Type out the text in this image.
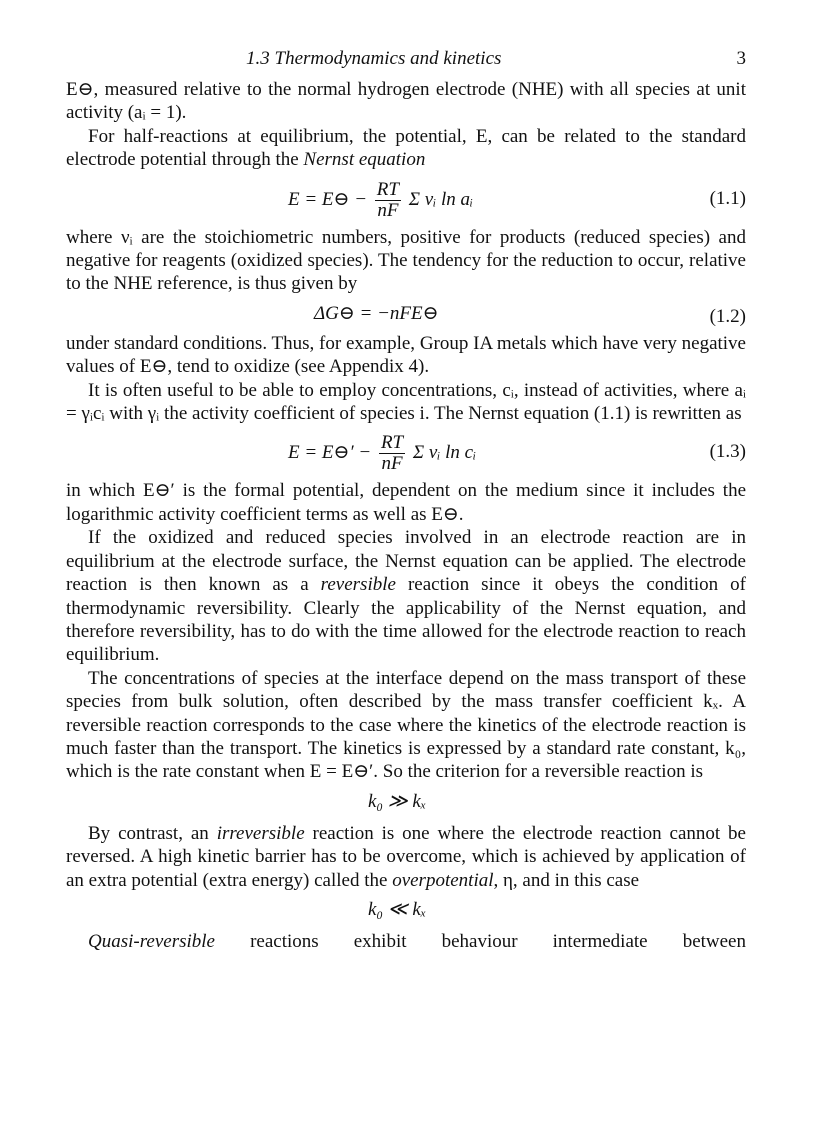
1.3 Thermodynamics and kinetics	3

E⊖, measured relative to the normal hydrogen electrode (NHE) with all species at unit activity (aᵢ = 1).

For half-reactions at equilibrium, the potential, E, can be related to the standard electrode potential through the Nernst equation

E = E⊖ − $\frac{RT}{nF}$ Σ νᵢ ln aᵢ	(1.1)

where νᵢ are the stoichiometric numbers, positive for products (reduced species) and negative for reagents (oxidized species). The tendency for the reduction to occur, relative to the NHE reference, is thus given by

ΔG⊖ = −nFE⊖	(1.2)

under standard conditions. Thus, for example, Group IA metals which have very negative values of E⊖, tend to oxidize (see Appendix 4).

It is often useful to be able to employ concentrations, cᵢ, instead of activities, where aᵢ = γᵢcᵢ with γᵢ the activity coefficient of species i. The Nernst equation (1.1) is rewritten as

E = E⊖′ − $\frac{RT}{nF}$ Σ νᵢ ln cᵢ	(1.3)

in which E⊖′ is the formal potential, dependent on the medium since it includes the logarithmic activity coefficient terms as well as E⊖.

If the oxidized and reduced species involved in an electrode reaction are in equilibrium at the electrode surface, the Nernst equation can be applied. The electrode reaction is then known as a reversible reaction since it obeys the condition of thermodynamic reversibility. Clearly the applicability of the Nernst equation, and therefore reversibility, has to do with the time allowed for the electrode reaction to reach equilibrium.

The concentrations of species at the interface depend on the mass transport of these species from bulk solution, often described by the mass transfer coefficient kₓ. A reversible reaction corresponds to the case where the kinetics of the electrode reaction is much faster than the transport. The kinetics is expressed by a standard rate constant, k₀, which is the rate constant when E = E⊖′. So the criterion for a reversible reaction is

k₀ ≫ kₓ

By contrast, an irreversible reaction is one where the electrode reaction cannot be reversed. A high kinetic barrier has to be overcome, which is achieved by application of an extra potential (extra energy) called the overpotential, η, and in this case

k₀ ≪ kₓ

Quasi-reversible reactions exhibit behaviour intermediate between
